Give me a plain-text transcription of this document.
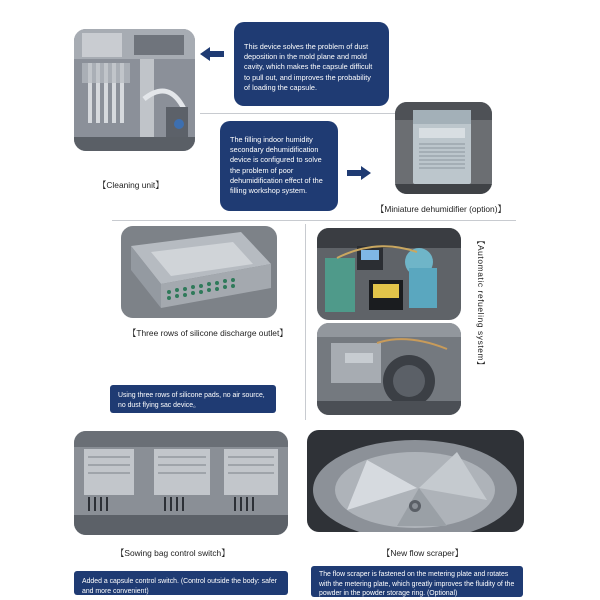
This device solves the problem of dust deposition in the mold plane and mold cavity, which makes the capsule difficult to pull out, and improves the probability of loading the capsule.
【Cleaning unit】
The filling indoor humidity secondary dehumidification device is configured to solve the problem of poor dehumidification effect of the filling workshop system.
【Miniature dehumidifier (option)】
【Automatic refueling system】
【Three rows of silicone discharge outlet】
Using three rows of silicone pads, no air source, no dust flying sac device。
【Sowing bag control switch】	【New flow scraper】
Added a capsule control switch. (Control outside the body: safer and more convenient)
The flow scraper is fastened on the metering plate and rotates with the metering plate, which greatly improves the fluidity of the powder in the powder storage ring. (Optional)
